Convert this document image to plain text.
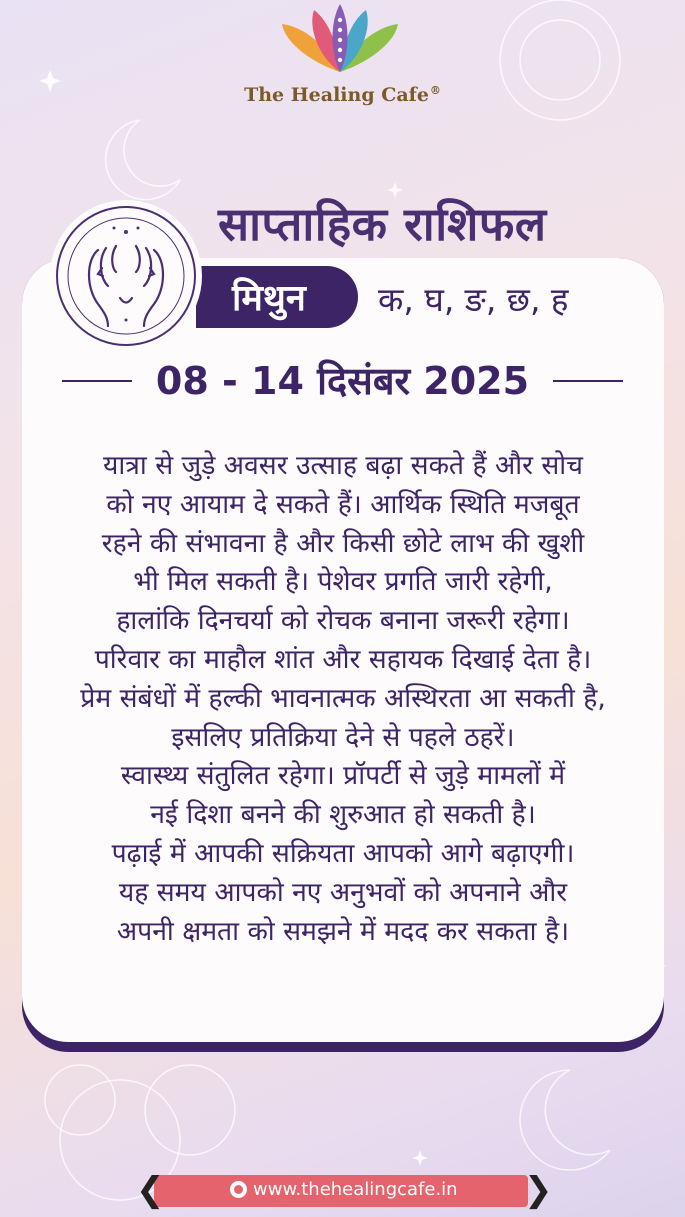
The Healing Cafe®
साप्ताहिक राशिफल
मिथुन क, घ, ङ, छ, ह
08 - 14 दिसंबर 2025
यात्रा से जुड़े अवसर उत्साह बढ़ा सकते हैं और सोच
को नए आयाम दे सकते हैं। आर्थिक स्थिति मजबूत
रहने की संभावना है और किसी छोटे लाभ की खुशी
भी मिल सकती है। पेशेवर प्रगति जारी रहेगी,
हालांकि दिनचर्या को रोचक बनाना जरूरी रहेगा।
परिवार का माहौल शांत और सहायक दिखाई देता है।
प्रेम संबंधों में हल्की भावनात्मक अस्थिरता आ सकती है,
इसलिए प्रतिक्रिया देने से पहले ठहरें।
स्वास्थ्य संतुलित रहेगा। प्रॉपर्टी से जुड़े मामलों में
नई दिशा बनने की शुरुआत हो सकती है।
पढ़ाई में आपकी सक्रियता आपको आगे बढ़ाएगी।
यह समय आपको नए अनुभवों को अपनाने और
अपनी क्षमता को समझने में मदद कर सकता है।
❮	❯
www.thehealingcafe.in
